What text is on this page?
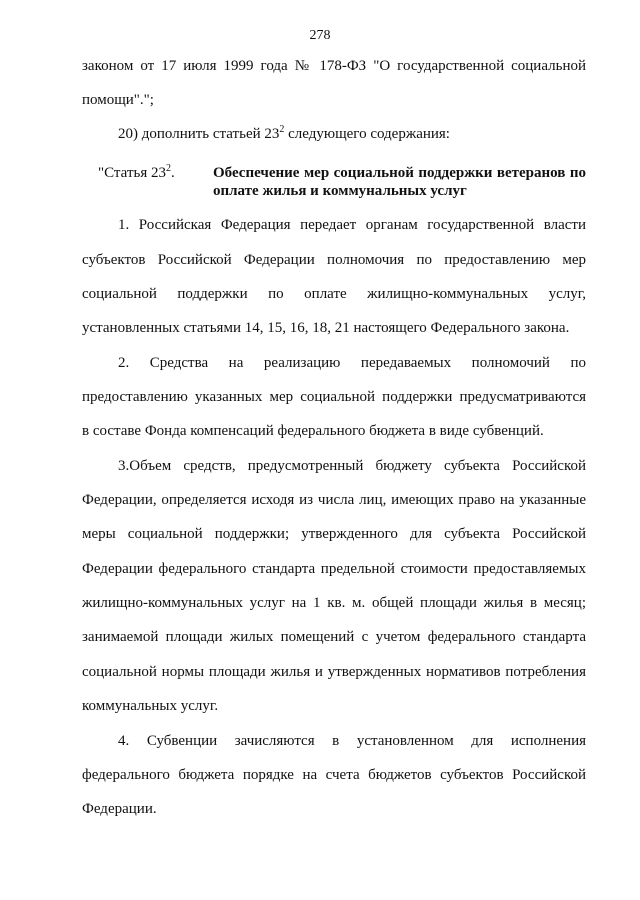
278
законом от 17 июля 1999 года № 178-ФЗ "О государственной социальной
помощи".";
20) дополнить статьей $23^2$ следующего содержания:
"Статья $23^2$.	Обеспечение мер социальной поддержки ветеранов по
оплате жилья и коммунальных услуг
1. Российская Федерация передает органам государственной власти
субъектов Российской Федерации полномочия по предоставлению мер
социальной поддержки по оплате жилищно-коммунальных услуг,
установленных статьями 14, 15, 16, 18, 21 настоящего Федерального закона.
2. Средства на реализацию передаваемых полномочий по
предоставлению указанных мер социальной поддержки предусматриваются
в составе Фонда компенсаций федерального бюджета в виде субвенций.
3.Объем средств, предусмотренный бюджету субъекта Российской
Федерации, определяется исходя из числа лиц, имеющих право на указанные
меры социальной поддержки; утвержденного для субъекта Российской
Федерации федерального стандарта предельной стоимости предоставляемых
жилищно-коммунальных услуг на 1 кв. м. общей площади жилья в месяц;
занимаемой площади жилых помещений с учетом федерального стандарта
социальной нормы площади жилья и утвержденных нормативов потребления
коммунальных услуг.
4. Субвенции зачисляются в установленном для исполнения
федерального бюджета порядке на счета бюджетов субъектов Российской
Федерации.
